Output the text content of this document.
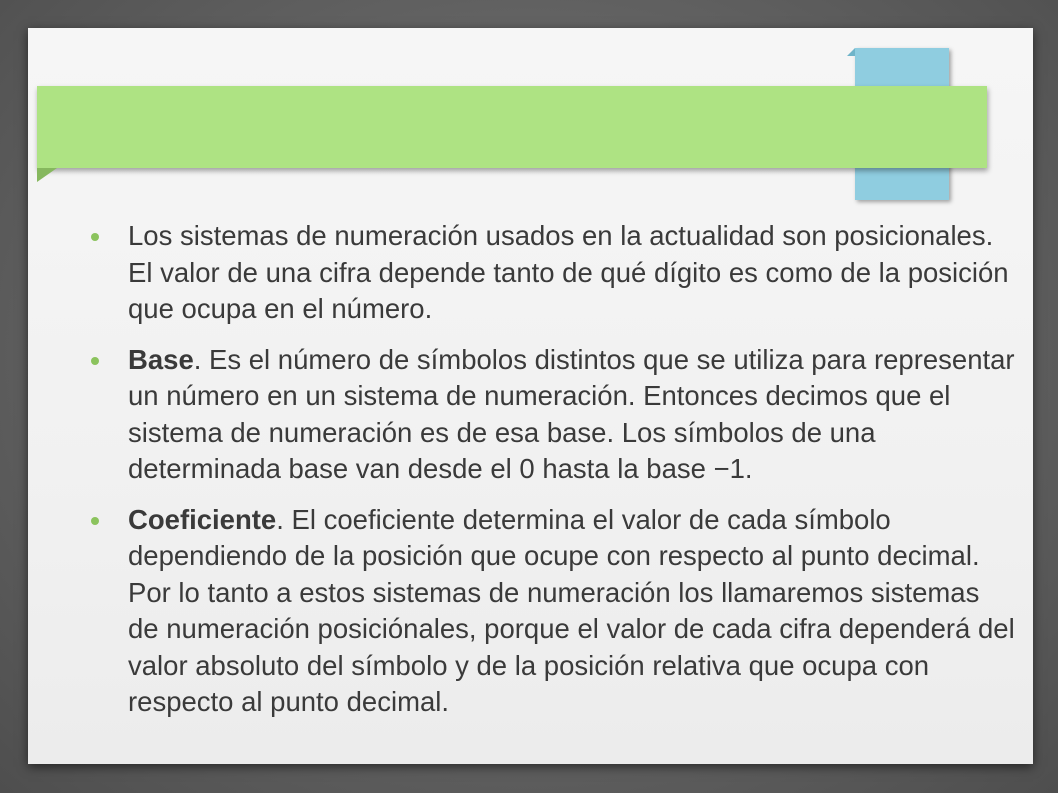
Los sistemas de numeración usados en la actualidad son posicionales. El valor de una cifra depende tanto de qué dígito es como de la posición que ocupa en el número.
Base. Es el número de símbolos distintos que se utiliza para representar un número en un sistema de numeración. Entonces decimos que el sistema de numeración es de esa base. Los símbolos de una determinada base van desde el 0 hasta la base −1.
Coeficiente. El coeficiente determina el valor de cada símbolo dependiendo de la posición que ocupe con respecto al punto decimal. Por lo tanto a estos sistemas de numeración los llamaremos sistemas de numeración posiciónales, porque el valor de cada cifra dependerá del valor absoluto del símbolo y de la posición relativa que ocupa con respecto al punto decimal.
